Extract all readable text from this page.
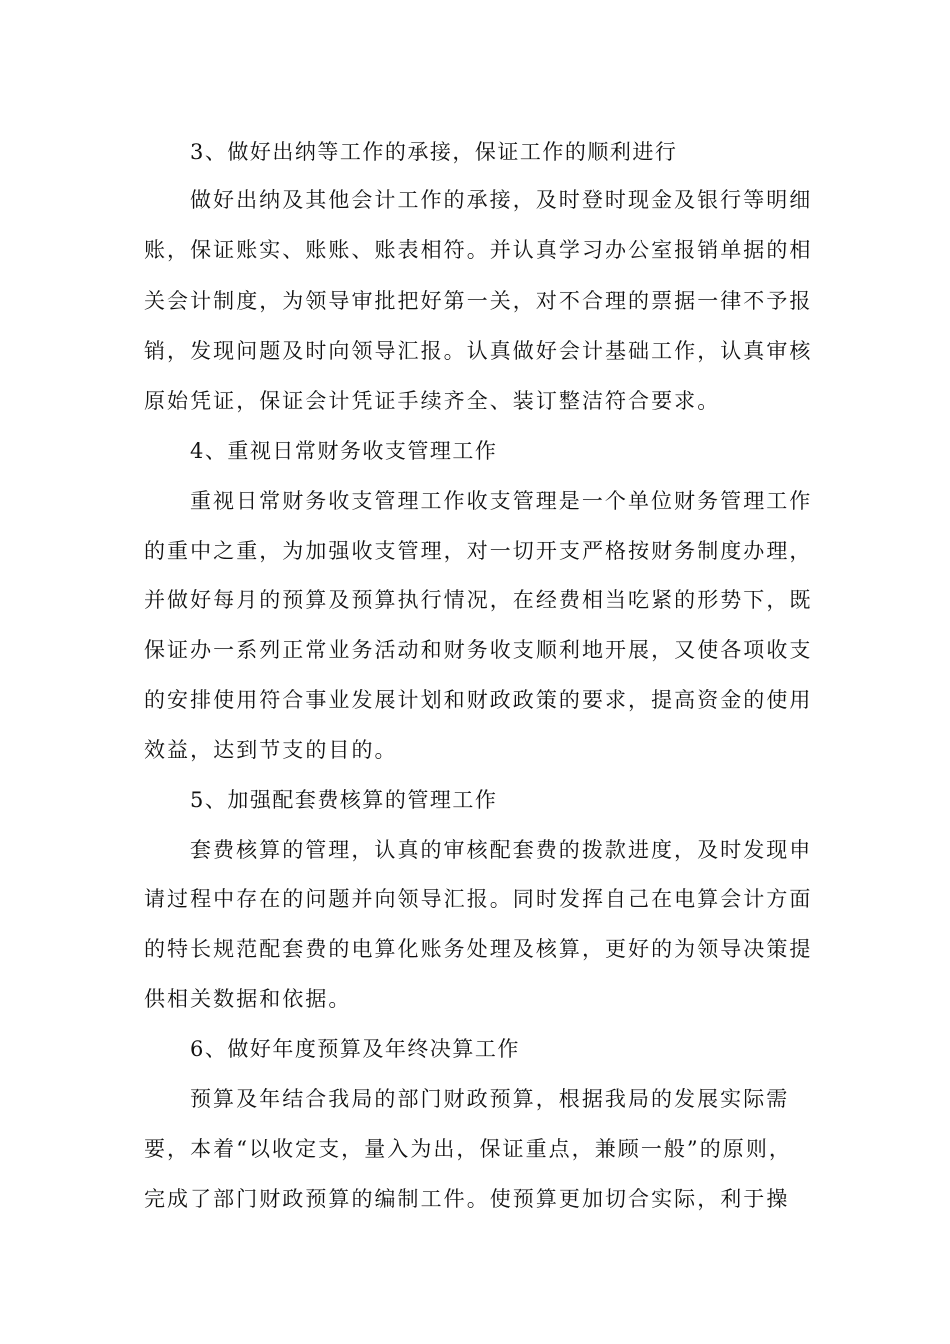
3、做好出纳等工作的承接，保证工作的顺利进行
做好出纳及其他会计工作的承接，及时登时现金及银行等明细
账，保证账实、账账、账表相符。并认真学习办公室报销单据的相
关会计制度，为领导审批把好第一关，对不合理的票据一律不予报
销，发现问题及时向领导汇报。认真做好会计基础工作，认真审核
原始凭证，保证会计凭证手续齐全、装订整洁符合要求。
4、重视日常财务收支管理工作
重视日常财务收支管理工作收支管理是一个单位财务管理工作
的重中之重，为加强收支管理，对一切开支严格按财务制度办理，
并做好每月的预算及预算执行情况，在经费相当吃紧的形势下，既
保证办一系列正常业务活动和财务收支顺利地开展，又使各项收支
的安排使用符合事业发展计划和财政政策的要求，提高资金的使用
效益，达到节支的目的。
5、加强配套费核算的管理工作
套费核算的管理，认真的审核配套费的拨款进度，及时发现申
请过程中存在的问题并向领导汇报。同时发挥自己在电算会计方面
的特长规范配套费的电算化账务处理及核算，更好的为领导决策提
供相关数据和依据。
6、做好年度预算及年终决算工作
预算及年结合我局的部门财政预算，根据我局的发展实际需
要，本着“以收定支，量入为出，保证重点，兼顾一般”的原则，
完成了部门财政预算的编制工件。使预算更加切合实际，利于操
